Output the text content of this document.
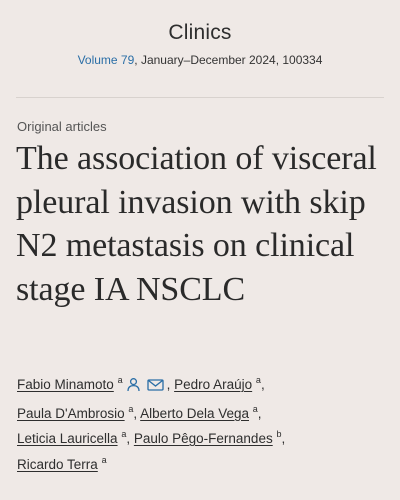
Clinics
Volume 79, January–December 2024, 100334
Original articles
The association of visceral pleural invasion with skip N2 metastasis on clinical stage IA NSCLC
Fabio Minamoto $^a$	, Pedro Araújo $^a$,
Paula D'Ambrosio $^a$, Alberto Dela Vega $^a$,
Leticia Lauricella $^a$, Paulo Pêgo-Fernandes $^b$,
Ricardo Terra $^a$
